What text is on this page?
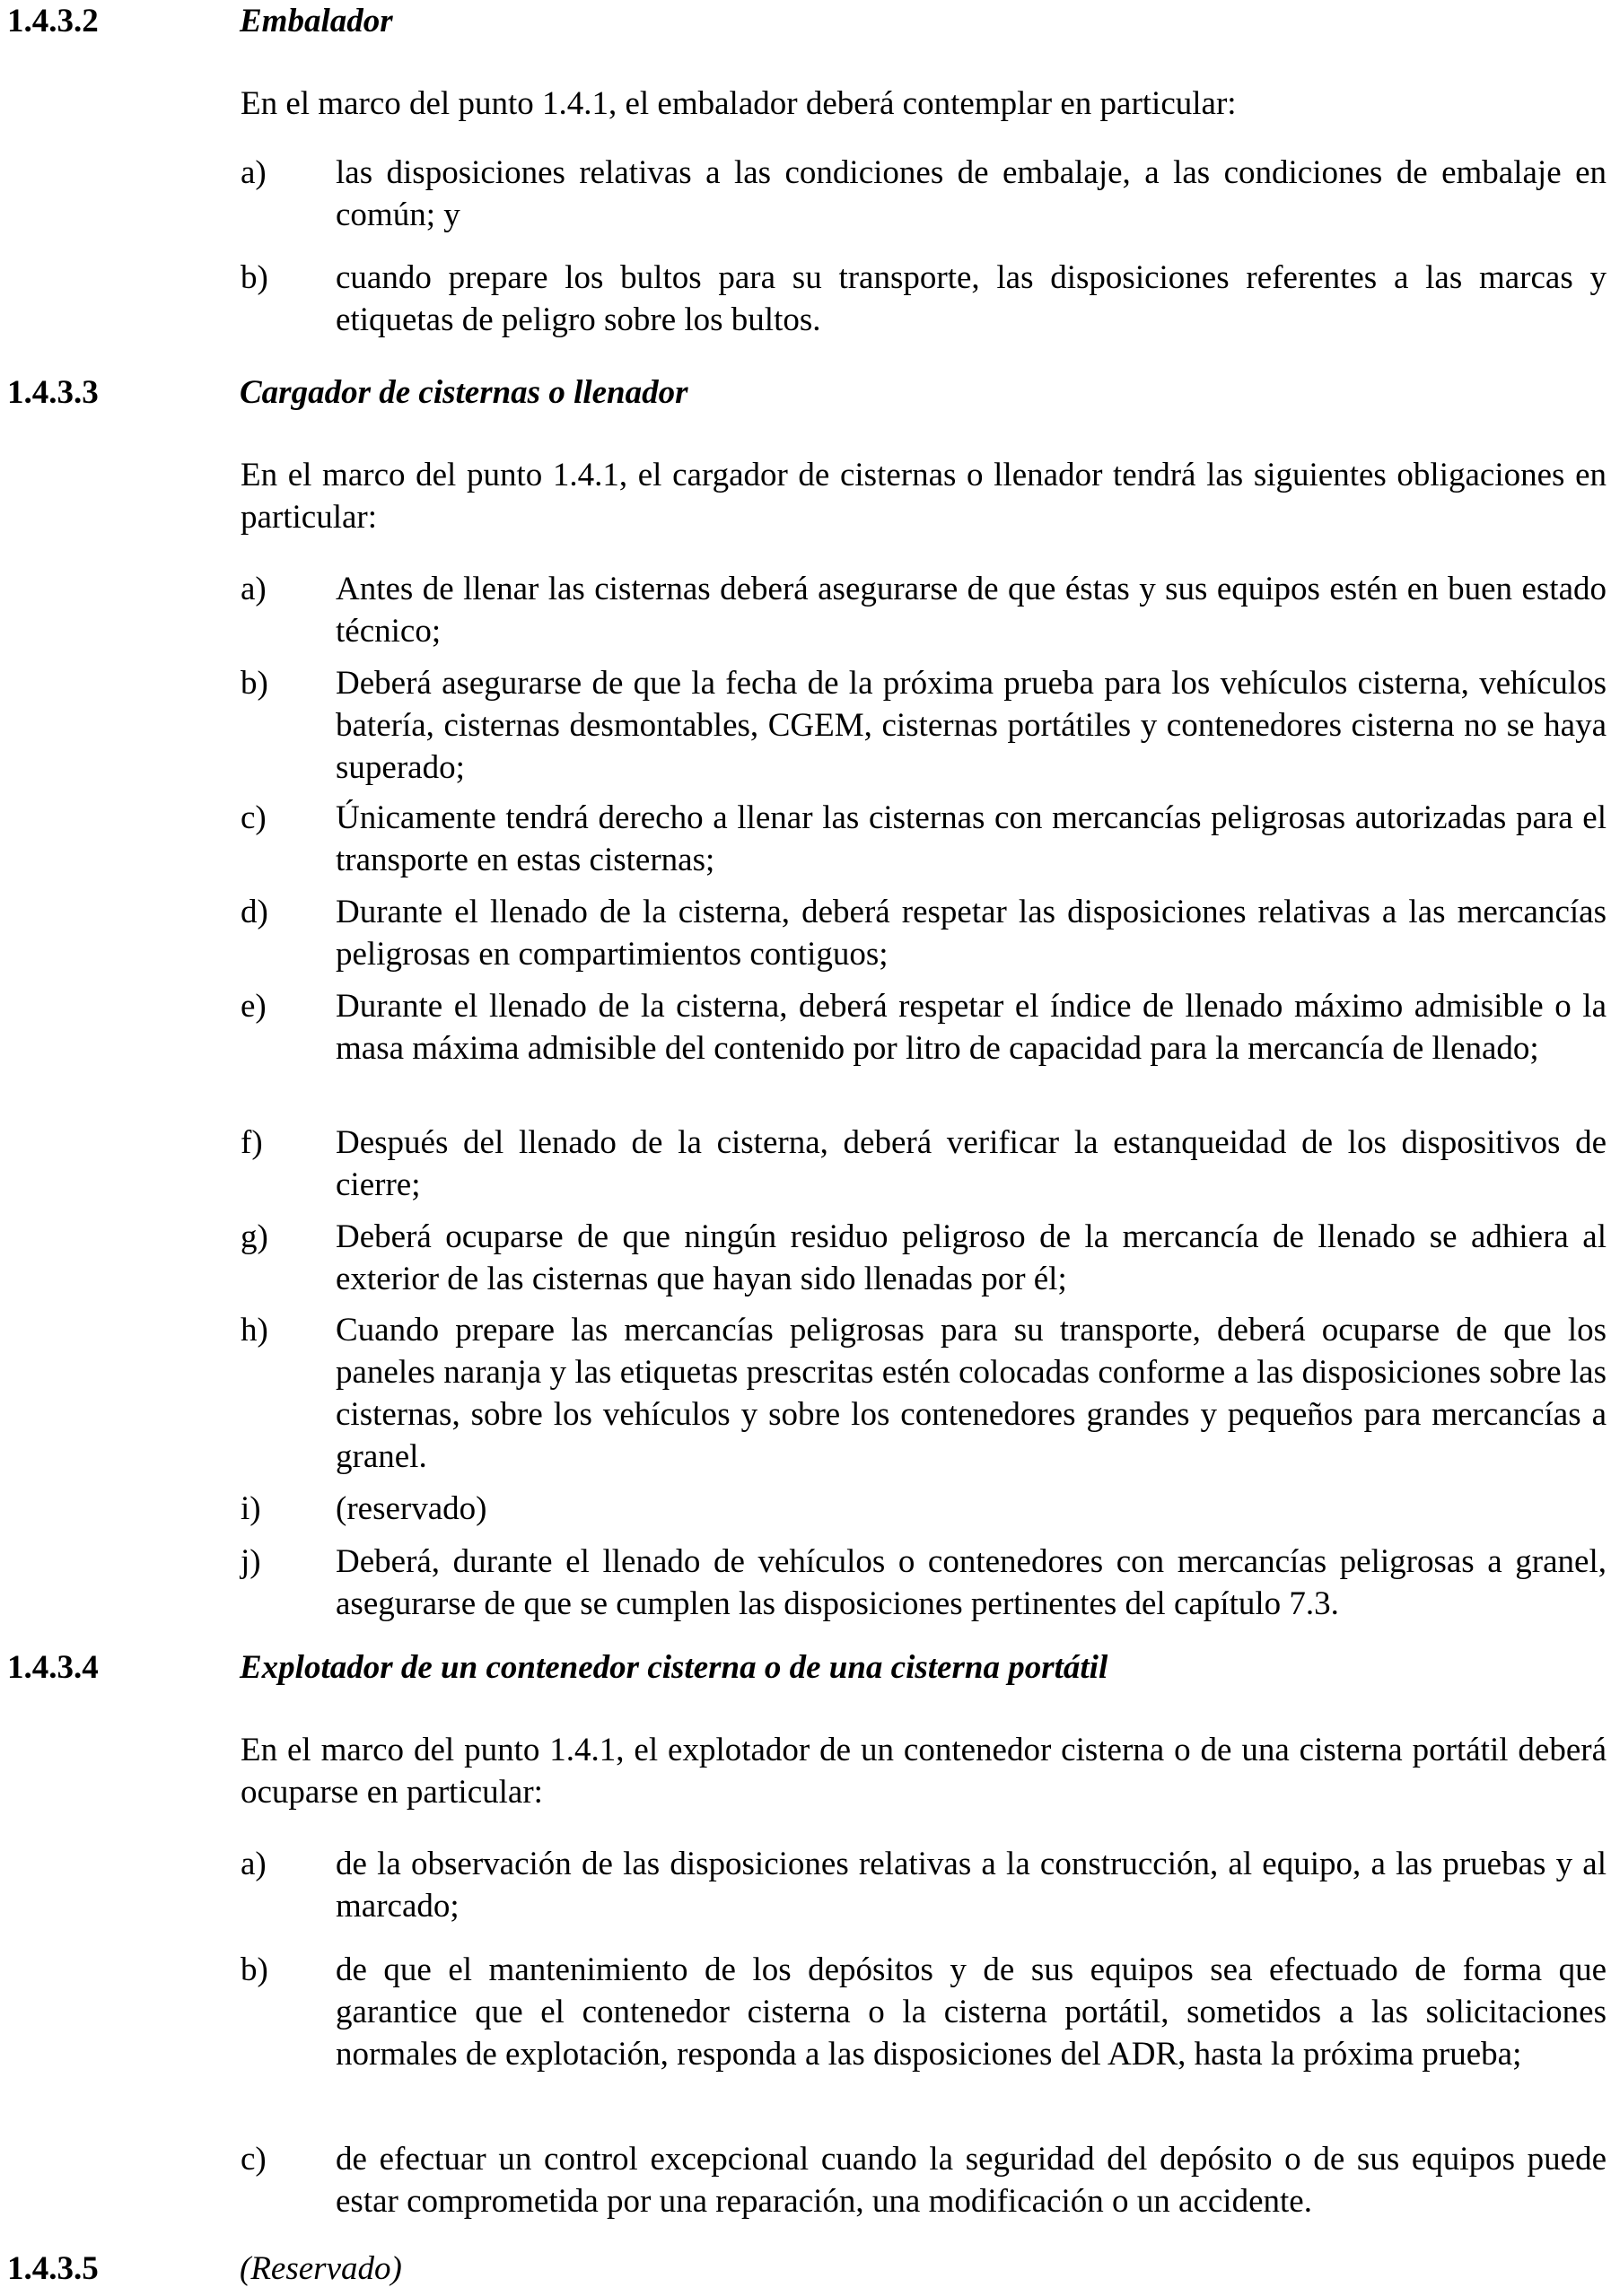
1.4.3.2	Embalador
En el marco del punto 1.4.1, el embalador deberá contemplar en particular:
a)	las disposiciones relativas a las condiciones de embalaje, a las condiciones de embalaje en común; y
b)	cuando prepare los bultos para su transporte, las disposiciones referentes a las marcas y etiquetas de peligro sobre los bultos.
1.4.3.3	Cargador de cisternas o llenador
En el marco del punto 1.4.1, el cargador de cisternas o llenador tendrá las siguientes obligaciones en particular:
a)	Antes de llenar las cisternas deberá asegurarse de que éstas y sus equipos estén en buen estado técnico;
b)	Deberá asegurarse de que la fecha de la próxima prueba para los vehículos cisterna, vehículos batería, cisternas desmontables, CGEM, cisternas portátiles y contenedores cisterna no se haya superado;
c)	Únicamente tendrá derecho a llenar las cisternas con mercancías peligrosas autorizadas para el transporte en estas cisternas;
d)	Durante el llenado de la cisterna, deberá respetar las disposiciones relativas a las mercancías peligrosas en compartimientos contiguos;
e)	Durante el llenado de la cisterna, deberá respetar el índice de llenado máximo admisible o la masa máxima admisible del contenido por litro de capacidad para la mercancía de llenado;
f)	Después del llenado de la cisterna, deberá verificar la estanqueidad de los dispositivos de cierre;
g)	Deberá ocuparse de que ningún residuo peligroso de la mercancía de llenado se adhiera al exterior de las cisternas que hayan sido llenadas por él;
h)	Cuando prepare las mercancías peligrosas para su transporte, deberá ocuparse de que los paneles naranja y las etiquetas prescritas estén colocadas conforme a las disposiciones sobre las cisternas, sobre los vehículos y sobre los contenedores grandes y pequeños para mercancías a granel.
i)	(reservado)
j)	Deberá, durante el llenado de vehículos o contenedores con mercancías peligrosas a granel, asegurarse de que se cumplen las disposiciones pertinentes del capítulo 7.3.
1.4.3.4	Explotador de un contenedor cisterna o de una cisterna portátil
En el marco del punto 1.4.1, el explotador de un contenedor cisterna o de una cisterna portátil deberá ocuparse en particular:
a)	de la observación de las disposiciones relativas a la construcción, al equipo, a las pruebas y al marcado;
b)	de que el mantenimiento de los depósitos y de sus equipos sea efectuado de forma que garantice que el contenedor cisterna o la cisterna portátil, sometidos a las solicitaciones normales de explotación, responda a las disposiciones del ADR, hasta la próxima prueba;
c)	de efectuar un control excepcional cuando la seguridad del depósito o de sus equipos puede estar comprometida por una reparación, una modificación o un accidente.
1.4.3.5	(Reservado)
